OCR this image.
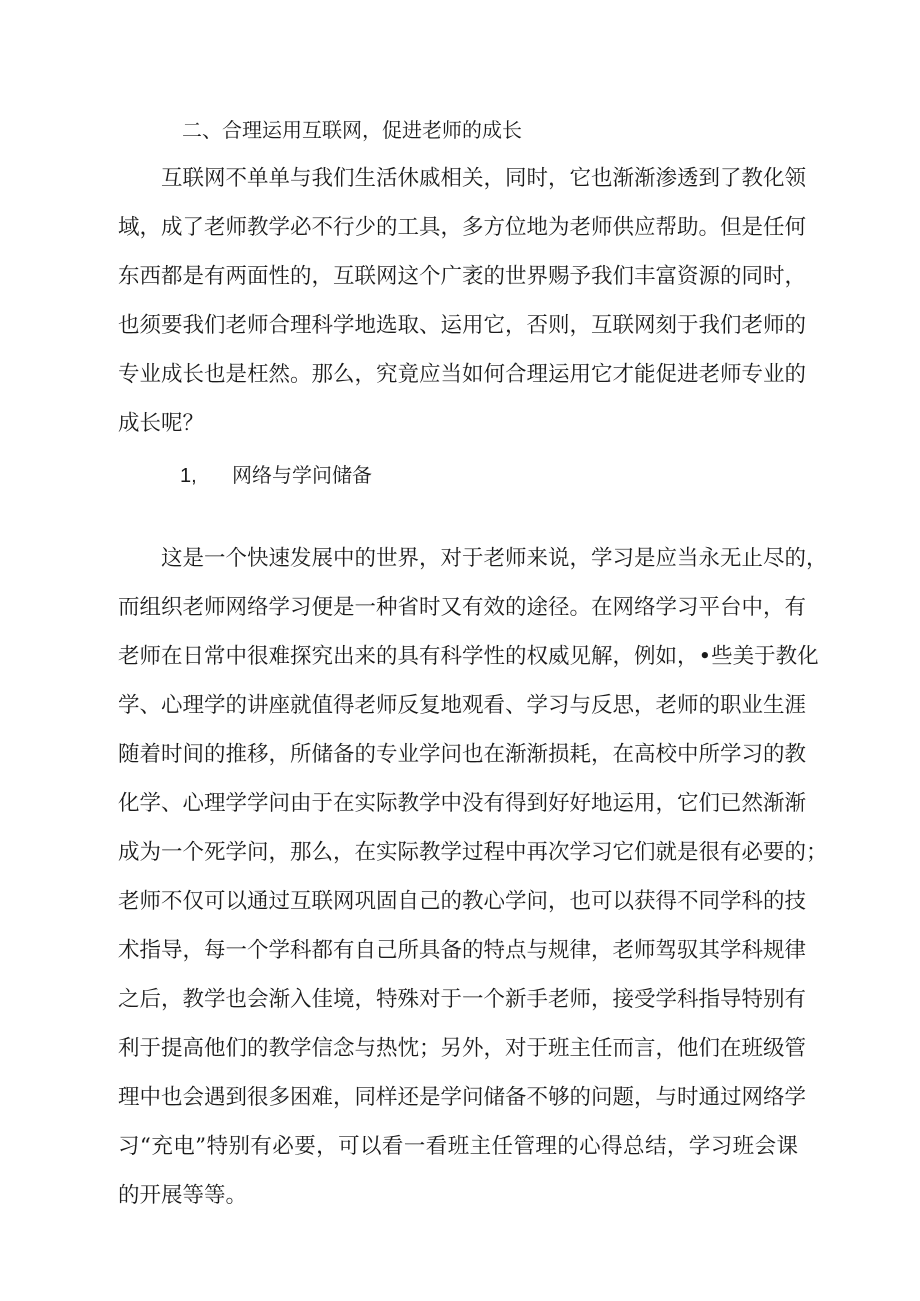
二、合理运用互联网，促进老师的成长
互联网不单单与我们生活休戚相关，同时，它也渐渐渗透到了教化领
域，成了老师教学必不行少的工具，多方位地为老师供应帮助。但是任何
东西都是有两面性的，互联网这个广袤的世界赐予我们丰富资源的同时，
也须要我们老师合理科学地选取、运用它，否则，互联网刻于我们老师的
专业成长也是枉然。那么，究竟应当如何合理运用它才能促进老师专业的
成长呢？
1, 网络与学问储备
这是一个快速发展中的世界，对于老师来说，学习是应当永无止尽的，
而组织老师网络学习便是一种省时又有效的途径。在网络学习平台中，有
老师在日常中很难探究出来的具有科学性的权威见解，例如，•些美于教化
学、心理学的讲座就值得老师反复地观看、学习与反思，老师的职业生涯
随着时间的推移，所储备的专业学问也在渐渐损耗，在高校中所学习的教
化学、心理学学问由于在实际教学中没有得到好好地运用，它们已然渐渐
成为一个死学问，那么，在实际教学过程中再次学习它们就是很有必要的；
老师不仅可以通过互联网巩固自己的教心学问，也可以获得不同学科的技
术指导，每一个学科都有自己所具备的特点与规律，老师驾驭其学科规律
之后，教学也会渐入佳境，特殊对于一个新手老师，接受学科指导特别有
利于提高他们的教学信念与热忱；另外，对于班主任而言，他们在班级管
理中也会遇到很多困难，同样还是学问储备不够的问题，与时通过网络学
习“充电”特别有必要，可以看一看班主任管理的心得总结，学习班会课
的开展等等。
